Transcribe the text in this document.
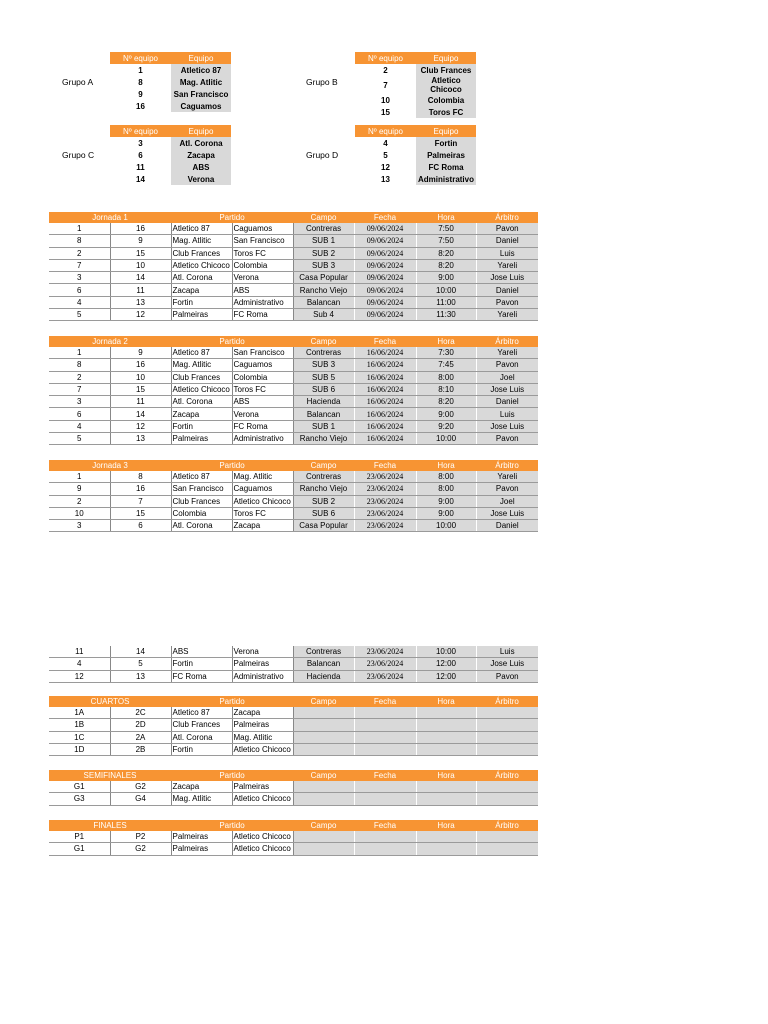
Grupo A
Nº equipo	Equipo
1	Atletico 87
8	Mag. Atlitic
9	San Francisco
16	Caguamos
Grupo B
Nº equipo	Equipo
2	Club Frances
7	Atletico Chicoco
10	Colombia
15	Toros FC
Grupo C
Nº equipo	Equipo
3	Atl. Corona
6	Zacapa
11	ABS
14	Verona
Grupo D
Nº equipo	Equipo
4	Fortin
5	Palmeiras
12	FC Roma
13	Administrativo
Jornada 1		Partido		Campo	Fecha	Hora	Árbitro
1	16	Atletico 87	Caguamos	Contreras	09/06/2024	7:50	Pavon
8	9	Mag. Atlitic	San Francisco	SUB 1	09/06/2024	7:50	Daniel
2	15	Club Frances	Toros FC	SUB 2	09/06/2024	8:20	Luis
7	10	Atletico Chicoco	Colombia	SUB 3	09/06/2024	8:20	Yareli
3	14	Atl. Corona	Verona	Casa Popular	09/06/2024	9:00	Jose Luis
6	11	Zacapa	ABS	Rancho Viejo	09/06/2024	10:00	Daniel
4	13	Fortin	Administrativo	Balancan	09/06/2024	11:00	Pavon
5	12	Palmeiras	FC Roma	Sub 4	09/06/2024	11:30	Yareli
Jornada 2		Partido		Campo	Fecha	Hora	Árbitro
1	9	Atletico 87	San Francisco	Contreras	16/06/2024	7:30	Yareli
8	16	Mag. Atlitic	Caguamos	SUB 3	16/06/2024	7:45	Pavon
2	10	Club Frances	Colombia	SUB 5	16/06/2024	8:00	Joel
7	15	Atletico Chicoco	Toros FC	SUB 6	16/06/2024	8:10	Jose Luis
3	11	Atl. Corona	ABS	Hacienda	16/06/2024	8:20	Daniel
6	14	Zacapa	Verona	Balancan	16/06/2024	9:00	Luis
4	12	Fortin	FC Roma	SUB 1	16/06/2024	9:20	Jose Luis
5	13	Palmeiras	Administrativo	Rancho Viejo	16/06/2024	10:00	Pavon
Jornada 3		Partido		Campo	Fecha	Hora	Árbitro
1	8	Atletico 87	Mag. Atlitic	Contreras	23/06/2024	8:00	Yareli
9	16	San Francisco	Caguamos	Rancho Viejo	23/06/2024	8:00	Pavon
2	7	Club Frances	Atletico Chicoco	SUB 2	23/06/2024	9:00	Joel
10	15	Colombia	Toros FC	SUB 6	23/06/2024	9:00	Jose Luis
3	6	Atl. Corona	Zacapa	Casa Popular	23/06/2024	10:00	Daniel
11	14	ABS	Verona	Contreras	23/06/2024	10:00	Luis
4	5	Fortin	Palmeiras	Balancan	23/06/2024	12:00	Jose Luis
12	13	FC Roma	Administrativo	Hacienda	23/06/2024	12:00	Pavon
CUARTOS		Partido		Campo	Fecha	Hora	Árbitro
1A	2C	Atletico 87	Zacapa				
1B	2D	Club Frances	Palmeiras				
1C	2A	Atl. Corona	Mag. Atlitic				
1D	2B	Fortin	Atletico Chicoco				
SEMIFINALES		Partido		Campo	Fecha	Hora	Árbitro
G1	G2	Zacapa	Palmeiras				
G3	G4	Mag. Atlitic	Atletico Chicoco				
FINALES		Partido		Campo	Fecha	Hora	Árbitro
P1	P2	Palmeiras	Atletico Chicoco				
G1	G2	Palmeiras	Atletico Chicoco				
